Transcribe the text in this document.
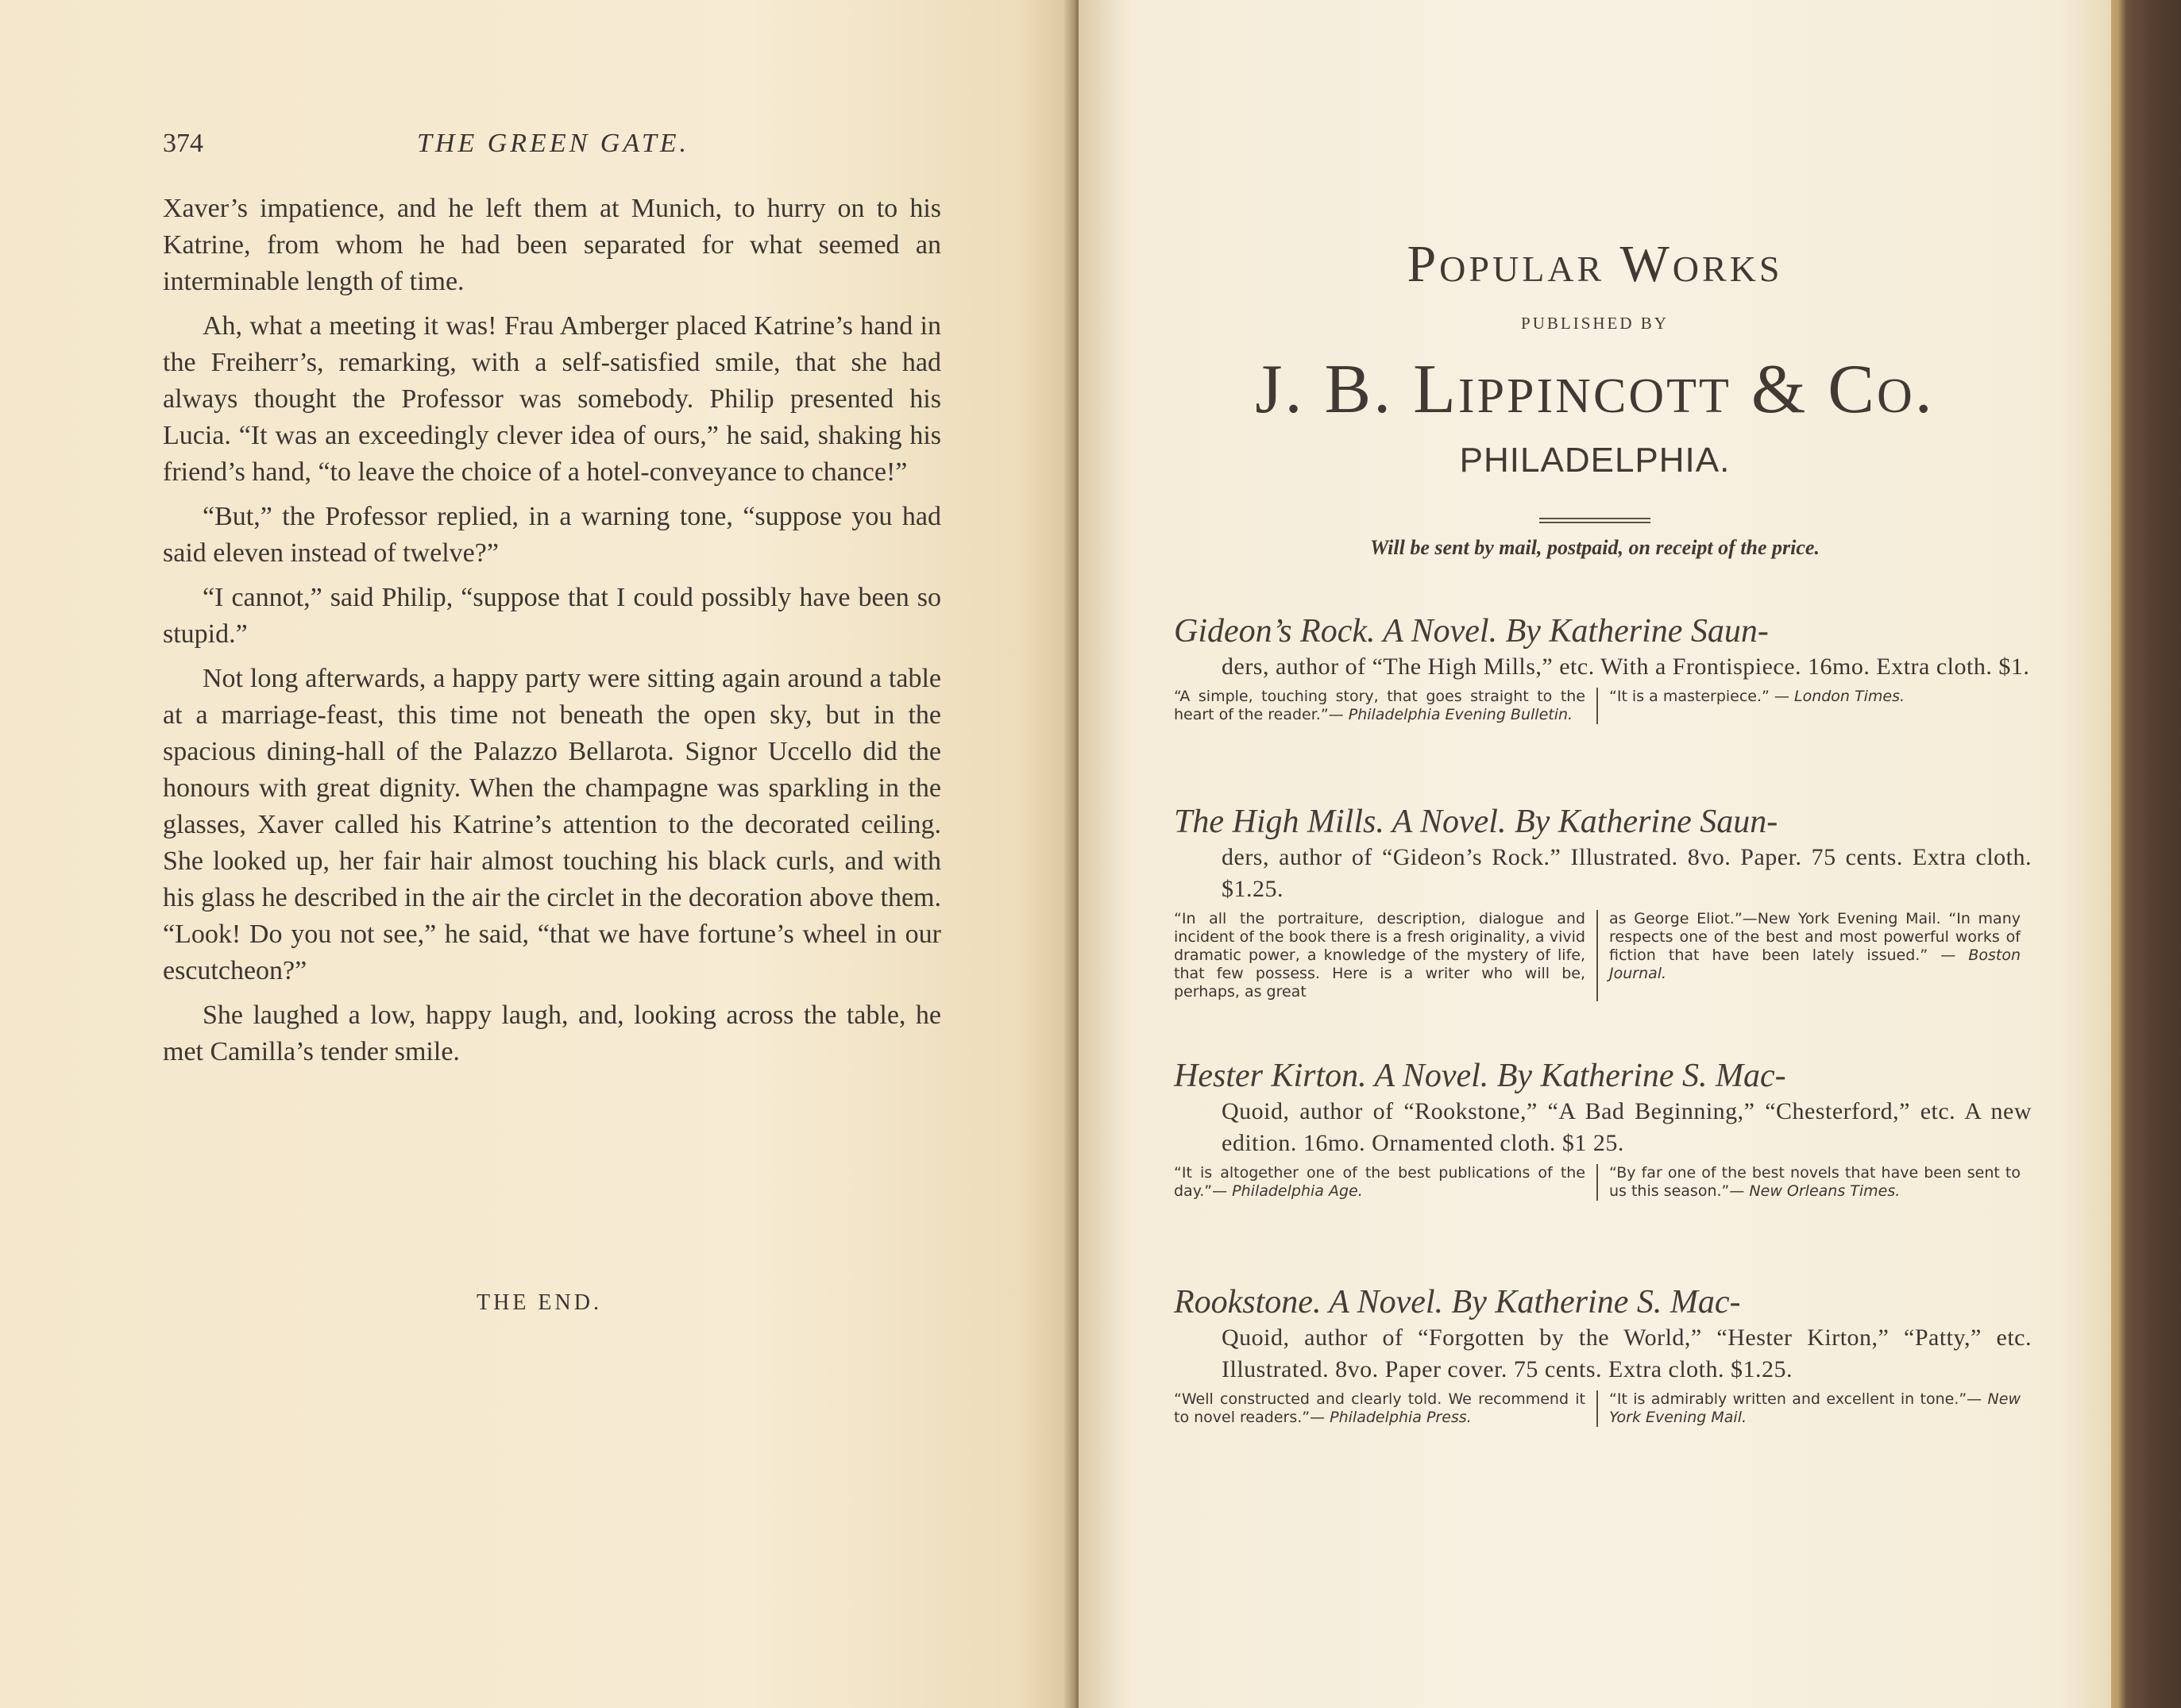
374	THE GREEN GATE.

Xaver’s impatience, and he left them at Munich, to hurry on to his Katrine, from whom he had been separated for what seemed an interminable length of time.

Ah, what a meeting it was! Frau Amberger placed Katrine’s hand in the Freiherr’s, remarking, with a self-satisfied smile, that she had always thought the Professor was somebody. Philip presented his Lucia. “It was an exceedingly clever idea of ours,” he said, shaking his friend’s hand, “to leave the choice of a hotel-conveyance to chance!”

“But,” the Professor replied, in a warning tone, “suppose you had said eleven instead of twelve?”

“I cannot,” said Philip, “suppose that I could possibly have been so stupid.”

Not long afterwards, a happy party were sitting again around a table at a marriage-feast, this time not beneath the open sky, but in the spacious dining-hall of the Palazzo Bellarota. Signor Uccello did the honours with great dignity. When the champagne was sparkling in the glasses, Xaver called his Katrine’s attention to the decorated ceiling. She looked up, her fair hair almost touching his black curls, and with his glass he described in the air the circlet in the decoration above them. “Look! Do you not see,” he said, “that we have fortune’s wheel in our escutcheon?”

She laughed a low, happy laugh, and, looking across the table, he met Camilla’s tender smile.

THE END.
Popular Works
PUBLISHED BY
J. B. Lippincott & Co.
PHILADELPHIA.
Will be sent by mail, postpaid, on receipt of the price.
Gideon’s Rock. A Novel. By Katherine Saun-
ders, author of “The High Mills,” etc. With a Frontispiece. 16mo. Extra cloth. $1.
“A simple, touching story, that goes straight to the heart of the reader.”— Philadelphia Evening Bulletin.
“It is a masterpiece.” — London Times.
The High Mills. A Novel. By Katherine Saun-
ders, author of “Gideon’s Rock.” Illustrated. 8vo. Paper. 75 cents. Extra cloth. $1.25.
“In all the portraiture, description, dialogue and incident of the book there is a fresh originality, a vivid dramatic power, a knowledge of the mystery of life, that few possess. Here is a writer who will be, perhaps, as great
as George Eliot.”—New York Evening Mail. “In many respects one of the best and most powerful works of fiction that have been lately issued.” — Boston Journal.
Hester Kirton. A Novel. By Katherine S. Mac-
Quoid, author of “Rookstone,” “A Bad Beginning,” “Chesterford,” etc. A new edition. 16mo. Ornamented cloth. $1 25.
“It is altogether one of the best publications of the day.”— Philadelphia Age.
“By far one of the best novels that have been sent to us this season.”— New Orleans Times.
Rookstone. A Novel. By Katherine S. Mac-
Quoid, author of “Forgotten by the World,” “Hester Kirton,” “Patty,” etc. Illustrated. 8vo. Paper cover. 75 cents. Extra cloth. $1.25.
“Well constructed and clearly told. We recommend it to novel readers.”— Philadelphia Press.
“It is admirably written and excellent in tone.”— New York Evening Mail.
